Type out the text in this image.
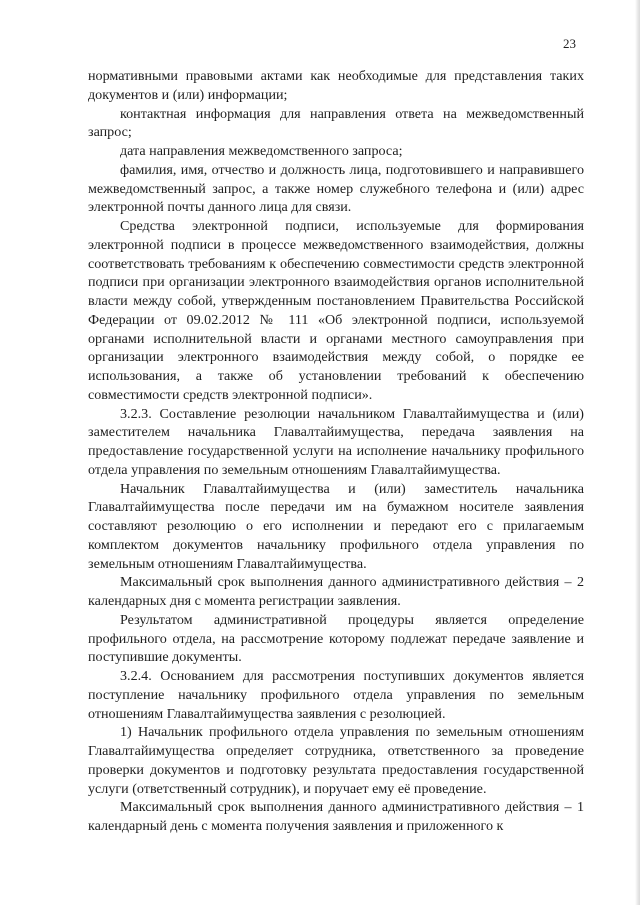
23

нормативными правовыми актами как необходимые для представления таких документов и (или) информации;

контактная информация для направления ответа на межведомственный запрос;

дата направления межведомственного запроса;

фамилия, имя, отчество и должность лица, подготовившего и направившего межведомственный запрос, а также номер служебного телефона и (или) адрес электронной почты данного лица для связи.

Средства электронной подписи, используемые для формирования электронной подписи в процессе межведомственного взаимодействия, должны соответствовать требованиям к обеспечению совместимости средств электронной подписи при организации электронного взаимодействия органов исполнительной власти между собой, утвержденным постановлением Правительства Российской Федерации от 09.02.2012 № 111 «Об электронной подписи, используемой органами исполнительной власти и органами местного самоуправления при организации электронного взаимодействия между собой, о порядке ее использования, а также об установлении требований к обеспечению совместимости средств электронной подписи».

3.2.3. Составление резолюции начальником Главалтайимущества и (или) заместителем начальника Главалтайимущества, передача заявления на предоставление государственной услуги на исполнение начальнику профильного отдела управления по земельным отношениям Главалтайимущества.

Начальник Главалтайимущества и (или) заместитель начальника Главалтайимущества после передачи им на бумажном носителе заявления составляют резолюцию о его исполнении и передают его с прилагаемым комплектом документов начальнику профильного отдела управления по земельным отношениям Главалтайимущества.

Максимальный срок выполнения данного административного действия – 2 календарных дня с момента регистрации заявления.

Результатом административной процедуры является определение профильного отдела, на рассмотрение которому подлежат передаче заявление и поступившие документы.

3.2.4. Основанием для рассмотрения поступивших документов является поступление начальнику профильного отдела управления по земельным отношениям Главалтайимущества заявления с резолюцией.

1) Начальник профильного отдела управления по земельным отношениям Главалтайимущества определяет сотрудника, ответственного за проведение проверки документов и подготовку результата предоставления государственной услуги (ответственный сотрудник), и поручает ему её проведение.

Максимальный срок выполнения данного административного действия – 1 календарный день с момента получения заявления и приложенного к
